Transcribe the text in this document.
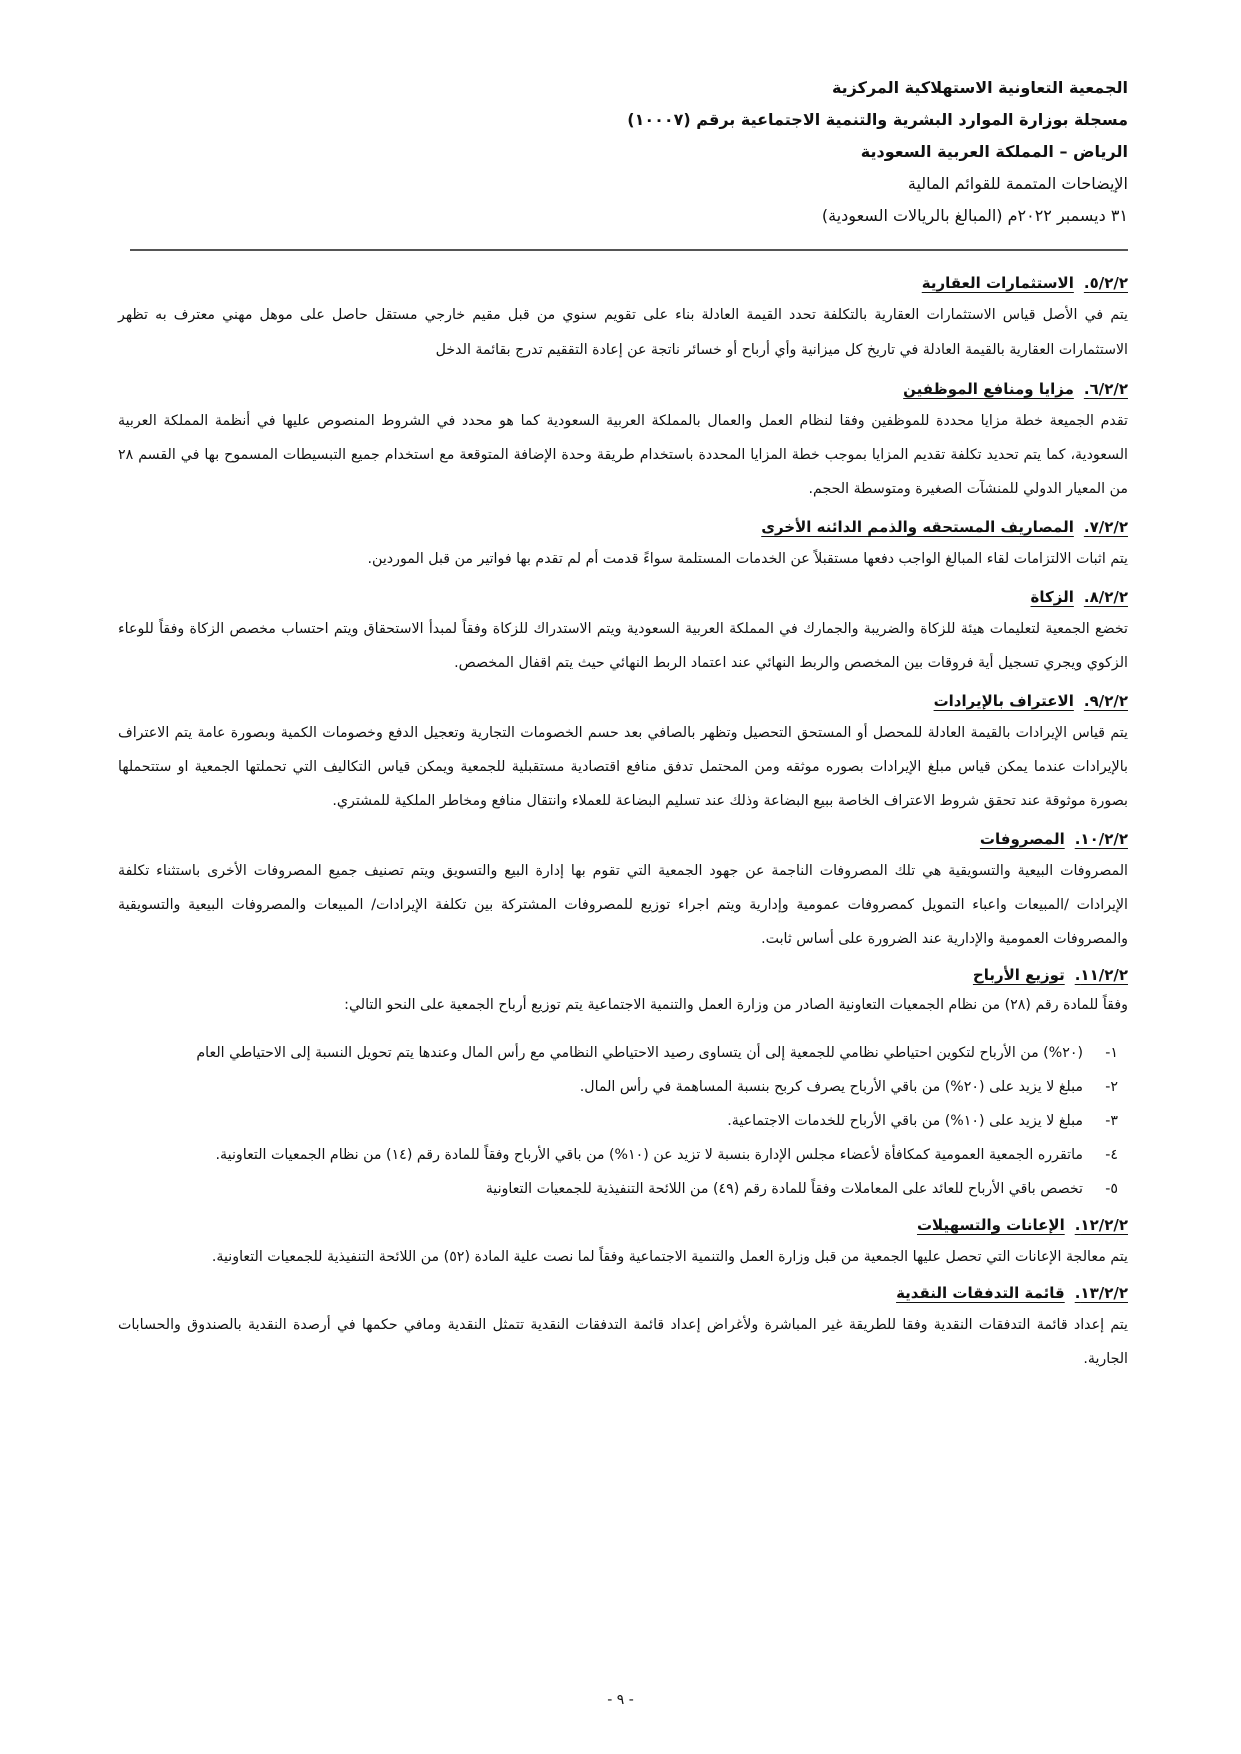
الجمعية التعاونية الاستهلاكية المركزية
مسجلة بوزارة الموارد البشرية والتنمية الاجتماعية برقم (١٠٠٠٧)
الرياض – المملكة العربية السعودية
الإيضاحات المتممة للقوائم المالية
٣١ ديسمبر ٢٠٢٢م (المبالغ بالريالات السعودية)
٥/٢/٢.الاستثمارات العقارية

يتم في الأصل قياس الاستثمارات العقارية بالتكلفة تحدد القيمة العادلة بناء على تقويم سنوي من قبل مقيم خارجي مستقل حاصل على موهل مهني معترف به تظهر الاستثمارات العقارية بالقيمة العادلة في تاريخ كل ميزانية وأي أرباح أو خسائر ناتجة عن إعادة التققيم تدرج بقائمة الدخل

٦/٢/٢.مزايا ومنافع الموظفين

تقدم الجميعة خطة مزايا محددة للموظفين وفقا لنظام العمل والعمال بالمملكة العربية السعودية كما هو محدد في الشروط المنصوص عليها في أنظمة المملكة العربية السعودية، كما يتم تحديد تكلفة تقديم المزايا بموجب خطة المزايا المحددة باستخدام طريقة وحدة الإضافة المتوقعة مع استخدام جميع التبسيطات المسموح بها في القسم ٢٨ من المعيار الدولي للمنشآت الصغيرة ومتوسطة الحجم.

٧/٢/٢.المصاريف المستحقه والذمم الدائنه الأخرى

يتم اثبات الالتزامات لقاء المبالغ الواجب دفعها مستقبلاً عن الخدمات المستلمة سواءً قدمت أم لم تقدم بها فواتير من قبل الموردين.

٨/٢/٢.الزكاة

تخضع الجمعية لتعليمات هيئة للزكاة والضريبة والجمارك في المملكة العربية السعودية ويتم الاستدراك للزكاة وفقاً لمبدأ الاستحقاق ويتم احتساب مخصص الزكاة وفقاً للوعاء الزكوي ويجري تسجيل أية فروقات بين المخصص والربط النهائي عند اعتماد الربط النهائي حيث يتم اقفال المخصص.

٩/٢/٢.الاعتراف بالإيرادات

يتم قياس الإيرادات بالقيمة العادلة للمحصل أو المستحق التحصيل وتظهر بالصافي بعد حسم الخصومات التجارية وتعجيل الدفع وخصومات الكمية وبصورة عامة يتم الاعتراف بالإيرادات عندما يمكن قياس مبلغ الإيرادات بصوره موثقه ومن المحتمل تدفق منافع اقتصادية مستقبلية للجمعية ويمكن قياس التكاليف التي تحملتها الجمعية او ستتحملها بصورة موثوقة عند تحقق شروط الاعتراف الخاصة ببيع البضاعة وذلك عند تسليم البضاعة للعملاء وانتقال منافع ومخاطر الملكية للمشتري.

١٠/٢/٢.المصروفات

المصروفات البيعية والتسويقية هي تلك المصروفات الناجمة عن جهود الجمعية التي تقوم بها إدارة البيع والتسويق ويتم تصنيف جميع المصروفات الأخرى باستثناء تكلفة الإيرادات /المبيعات واعباء التمويل كمصروفات عمومية وإدارية ويتم اجراء توزيع للمصروفات المشتركة بين تكلفة الإيرادات/ المبيعات والمصروفات البيعية والتسويقية والمصروفات العمومية والإدارية عند الضرورة على أساس ثابت.

١١/٢/٢.توزيع الأرباح

وفقاً للمادة رقم (٢٨) من نظام الجمعيات التعاونية الصادر من وزارة العمل والتنمية الاجتماعية يتم توزيع أرباح الجمعية على النحو التالي:

١-
(٢٠%) من الأرباح لتكوين احتياطي نظامي للجمعية إلى أن يتساوى رصيد الاحتياطي النظامي مع رأس المال وعندها يتم تحويل النسبة إلى الاحتياطي العام
٢-
مبلغ لا يزيد على (٢٠%) من باقي الأرباح يصرف كربح بنسبة المساهمة في رأس المال.
٣-
مبلغ لا يزيد على (١٠%) من باقي الأرباح للخدمات الاجتماعية.
٤-
ماتقرره الجمعية العمومية كمكافأة لأعضاء مجلس الإدارة بنسبة لا تزيد عن (١٠%) من باقي الأرباح وفقاً للمادة رقم (١٤) من نظام الجمعيات التعاونية.
٥-
تخصص باقي الأرباح للعائد على المعاملات وفقاً للمادة رقم (٤٩) من اللائحة التنفيذية للجمعيات التعاونية
١٢/٢/٢.الإعانات والتسهيلات

يتم معالجة الإعانات التي تحصل عليها الجمعية من قبل وزارة العمل والتنمية الاجتماعية وفقاً لما نصت علية المادة (٥٢) من اللائحة التنفيذية للجمعيات التعاونية.

١٣/٢/٢.قائمة التدفقات النقدية

يتم إعداد قائمة التدفقات النقدية وفقا للطريقة غير المباشرة ولأغراض إعداد قائمة التدفقات النقدية تتمثل النقدية ومافي حكمها في أرصدة النقدية بالصندوق والحسابات الجارية.

- ٩ -
